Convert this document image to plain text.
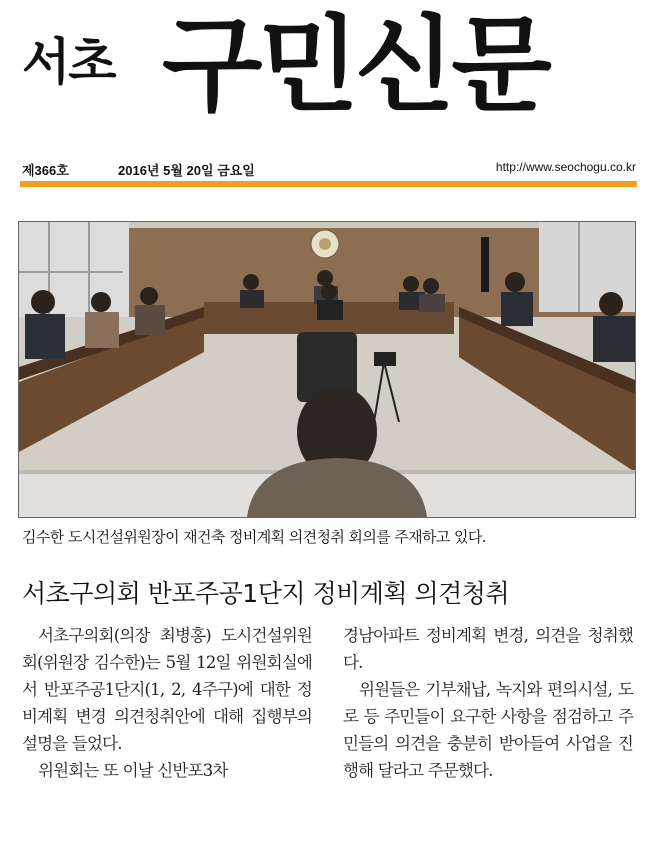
서초 구민신문
제366호	2016년 5월 20일 금요일	http://www.seochogu.co.kr
김수한 도시건설위원장이 재건축 정비계획 의견청취 회의를 주재하고 있다.
서초구의회 반포주공1단지 정비계획 의견청취

서초구의회(의장 최병홍) 도시건설위원회(위원장 김수한)는 5월 12일 위원회실에서 반포주공1단지(1, 2, 4주구)에 대한 정비계획 변경 의견청취안에 대해 집행부의 설명을 들었다.

위원회는 또 이날 신반포3차

경남아파트 정비계획 변경, 의견을 청취했다.

위원들은 기부채납, 녹지와 편의시설, 도로 등 주민들이 요구한 사항을 점검하고 주민들의 의견을 충분히 받아들여 사업을 진행해 달라고 주문했다.
